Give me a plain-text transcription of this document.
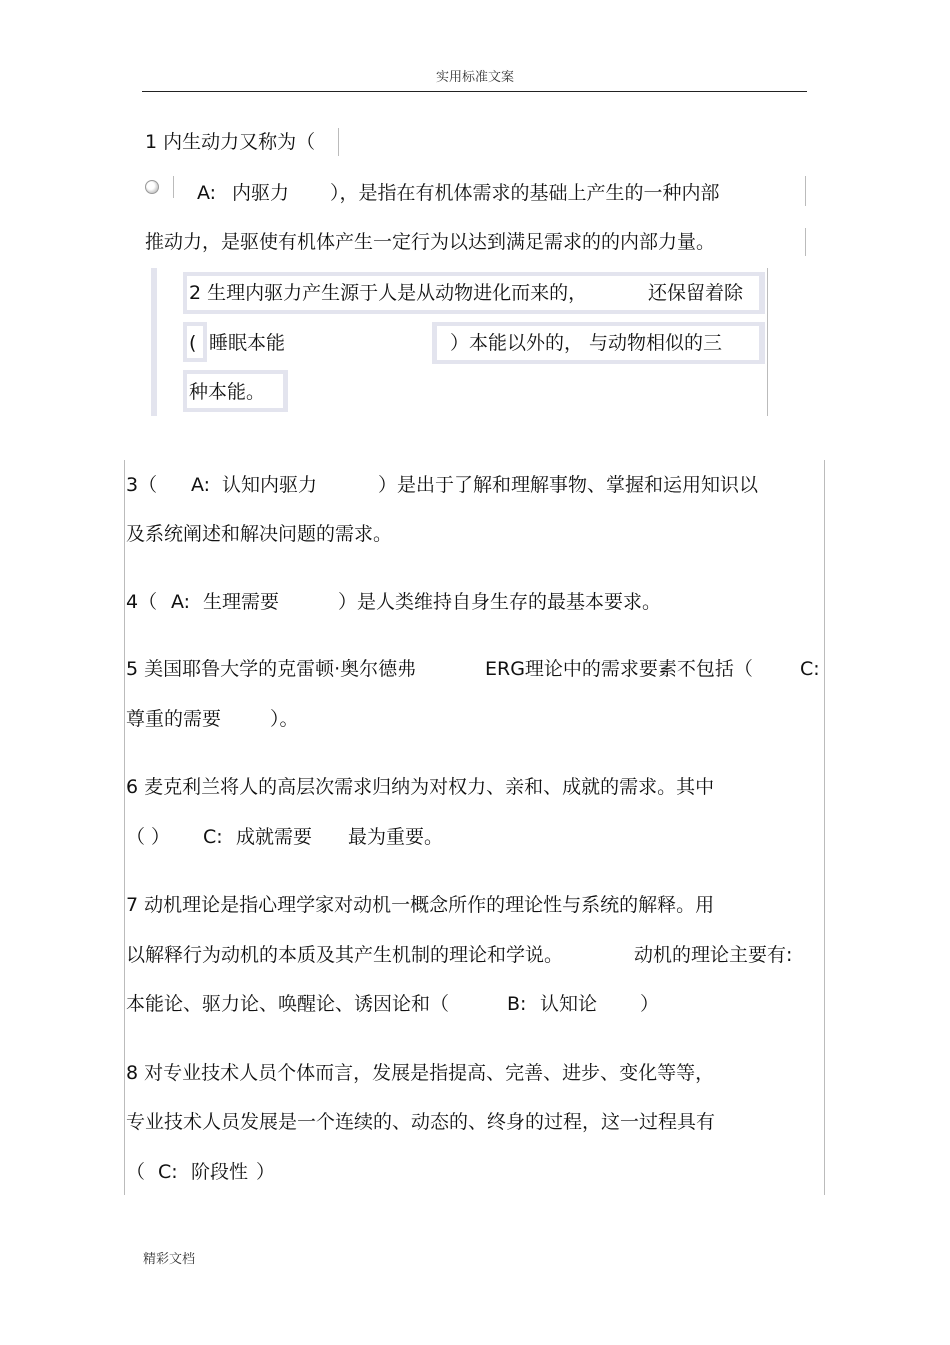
实用标准文案
精彩文档
1 内生动力又称为（
A: 内驱力 ），是指在有机体需求的基础上产生的一种内部
推动力，是驱使有机体产生一定行为以达到满足需求的的内部力量。
2 生理内驱力产生源于人是从动物进化而来的，	还保留着除
( 睡眠本能	）本能以外的， 与动物相似的三
种本能。
3（ A: 认知内驱力	）是出于了解和理解事物、掌握和运用知识以
及系统阐述和解决问题的需求。
4（ A: 生理需要	）是人类维持自身生存的最基本要求。
5 美国耶鲁大学的克雷顿·奥尔德弗	ERG理论中的需求要素不包括（ C:
尊重的需要	）。
6 麦克利兰将人的高层次需求归纳为对权力、亲和、成就的需求。其中
（ ） C: 成就需要 最为重要。
7 动机理论是指心理学家对动机一概念所作的理论性与系统的解释。用
以解释行为动机的本质及其产生机制的理论和学说。	动机的理论主要有:
本能论、驱力论、唤醒论、诱因论和（	B: 认知论 ）
8 对专业技术人员个体而言，发展是指提高、完善、进步、变化等等，
专业技术人员发展是一个连续的、动态的、终身的过程，这一过程具有
（ C: 阶段性 ）
